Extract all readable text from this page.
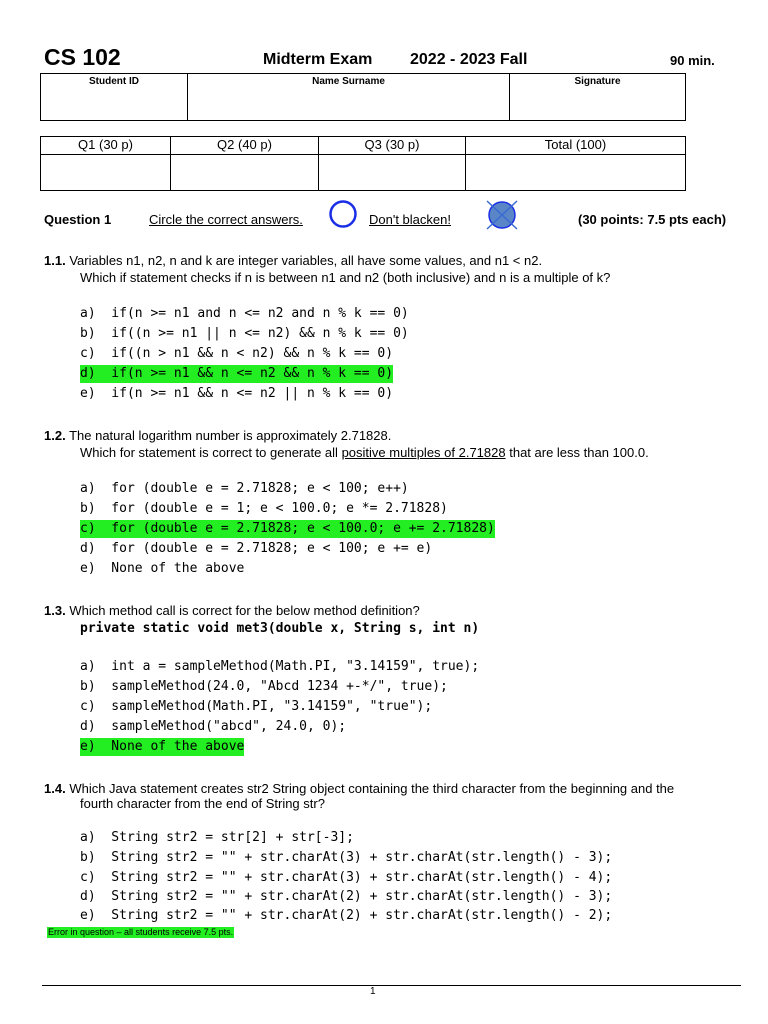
CS 102	Midterm Exam 2022 - 2023 Fall	90 min.
Student ID	Name Surname	Signature
Q1 (30 p)	Q2 (40 p)	Q3 (30 p)	Total (100)

Question 1	Circle the correct answers.	Don't blacken!	(30 points: 7.5 pts each)
1.1. Variables n1, n2, n and k are integer variables, all have some values, and n1 < n2.
Which if statement checks if n is between n1 and n2 (both inclusive) and n is a multiple of k?
a)  if(n >= n1 and n <= n2 and n % k == 0)
b)  if((n >= n1 || n <= n2) && n % k == 0)
c)  if((n > n1 && n < n2) && n % k == 0)
d)  if(n >= n1 && n <= n2 && n % k == 0)
e)  if(n >= n1 && n <= n2 || n % k == 0)
1.2. The natural logarithm number is approximately 2.71828.
Which for statement is correct to generate all positive multiples of 2.71828 that are less than 100.0.
a)  for (double e = 2.71828; e < 100; e++)
b)  for (double e = 1; e < 100.0; e *= 2.71828)
c)  for (double e = 2.71828; e < 100.0; e += 2.71828)
d)  for (double e = 2.71828; e < 100; e += e)
e)  None of the above
1.3. Which method call is correct for the below method definition?
private static void met3(double x, String s, int n)
a)  int a = sampleMethod(Math.PI, "3.14159", true);
b)  sampleMethod(24.0, "Abcd 1234 +-*/", true);
c)  sampleMethod(Math.PI, "3.14159", "true");
d)  sampleMethod("abcd", 24.0, 0);
e)  None of the above
1.4. Which Java statement creates str2 String object containing the third character from the beginning and the
fourth character from the end of String str?
a)  String str2 = str[2] + str[-3];
b)  String str2 = "" + str.charAt(3) + str.charAt(str.length() - 3);
c)  String str2 = "" + str.charAt(3) + str.charAt(str.length() - 4);
d)  String str2 = "" + str.charAt(2) + str.charAt(str.length() - 3);
e)  String str2 = "" + str.charAt(2) + str.charAt(str.length() - 2);
Error in question – all students receive 7.5 pts.
1
